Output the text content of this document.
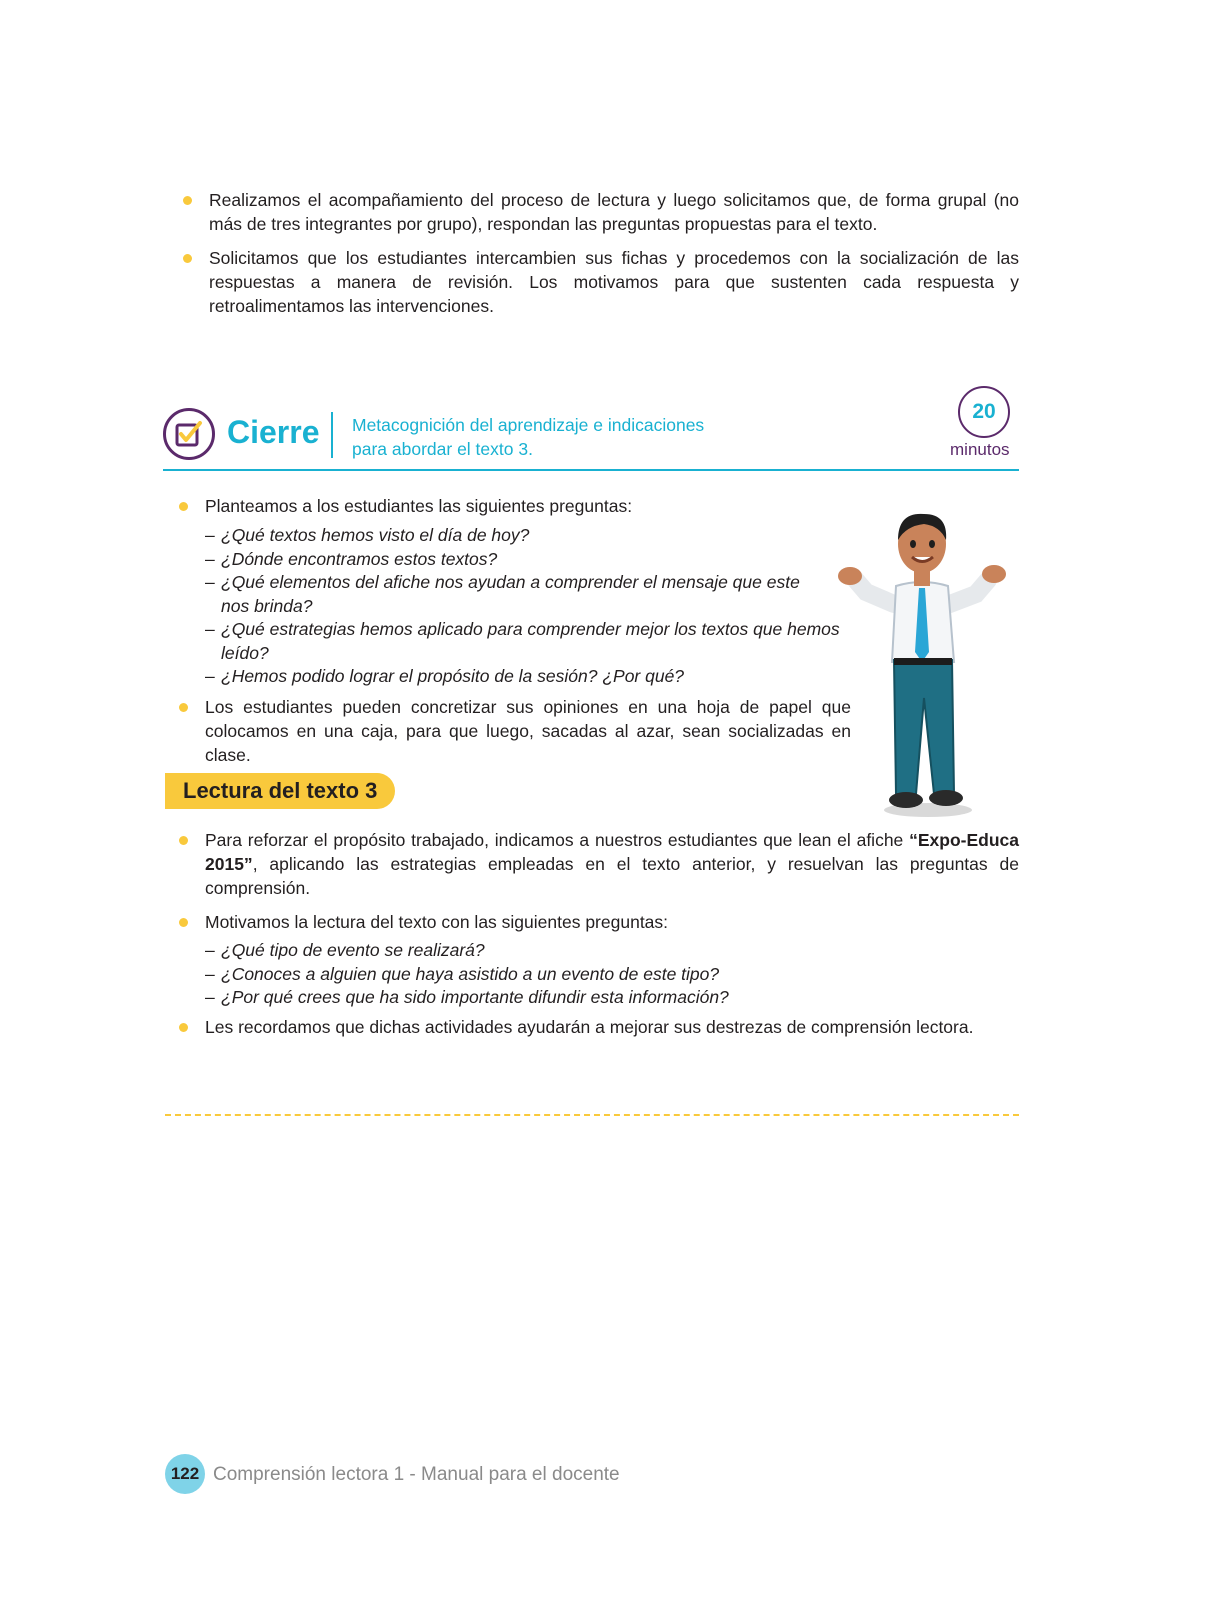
Realizamos el acompañamiento del proceso de lectura y luego solicitamos que, de forma grupal (no más de tres integrantes por grupo), respondan las preguntas propuestas para el texto.
Solicitamos que los estudiantes intercambien sus fichas y procedemos con la socialización de las respuestas a manera de revisión. Los motivamos para que sustenten cada respuesta y retroalimentamos las intervenciones.
Cierre Metacognición del aprendizaje e indicaciones
para abordar el texto 3.
20
minutos
Planteamos a los estudiantes las siguientes preguntas:
– ¿Qué textos hemos visto el día de hoy?
– ¿Dónde encontramos estos textos?
– ¿Qué elementos del afiche nos ayudan a comprender el mensaje que este nos brinda?
– ¿Qué estrategias hemos aplicado para comprender mejor los textos que hemos leído?
– ¿Hemos podido lograr el propósito de la sesión? ¿Por qué?
Los estudiantes pueden concretizar sus opiniones en una hoja de papel que colocamos en una caja, para que luego, sacadas al azar, sean socializadas en clase.
Lectura del texto 3
Para reforzar el propósito trabajado, indicamos a nuestros estudiantes que lean el afiche “Expo-Educa 2015”, aplicando las estrategias empleadas en el texto anterior, y resuelvan las preguntas de comprensión.
Motivamos la lectura del texto con las siguientes preguntas:
– ¿Qué tipo de evento se realizará?
– ¿Conoces a alguien que haya asistido a un evento de este tipo?
– ¿Por qué crees que ha sido importante difundir esta información?
Les recordamos que dichas actividades ayudarán a mejorar sus destrezas de comprensión lectora.
122 Comprensión lectora 1 - Manual para el docente
